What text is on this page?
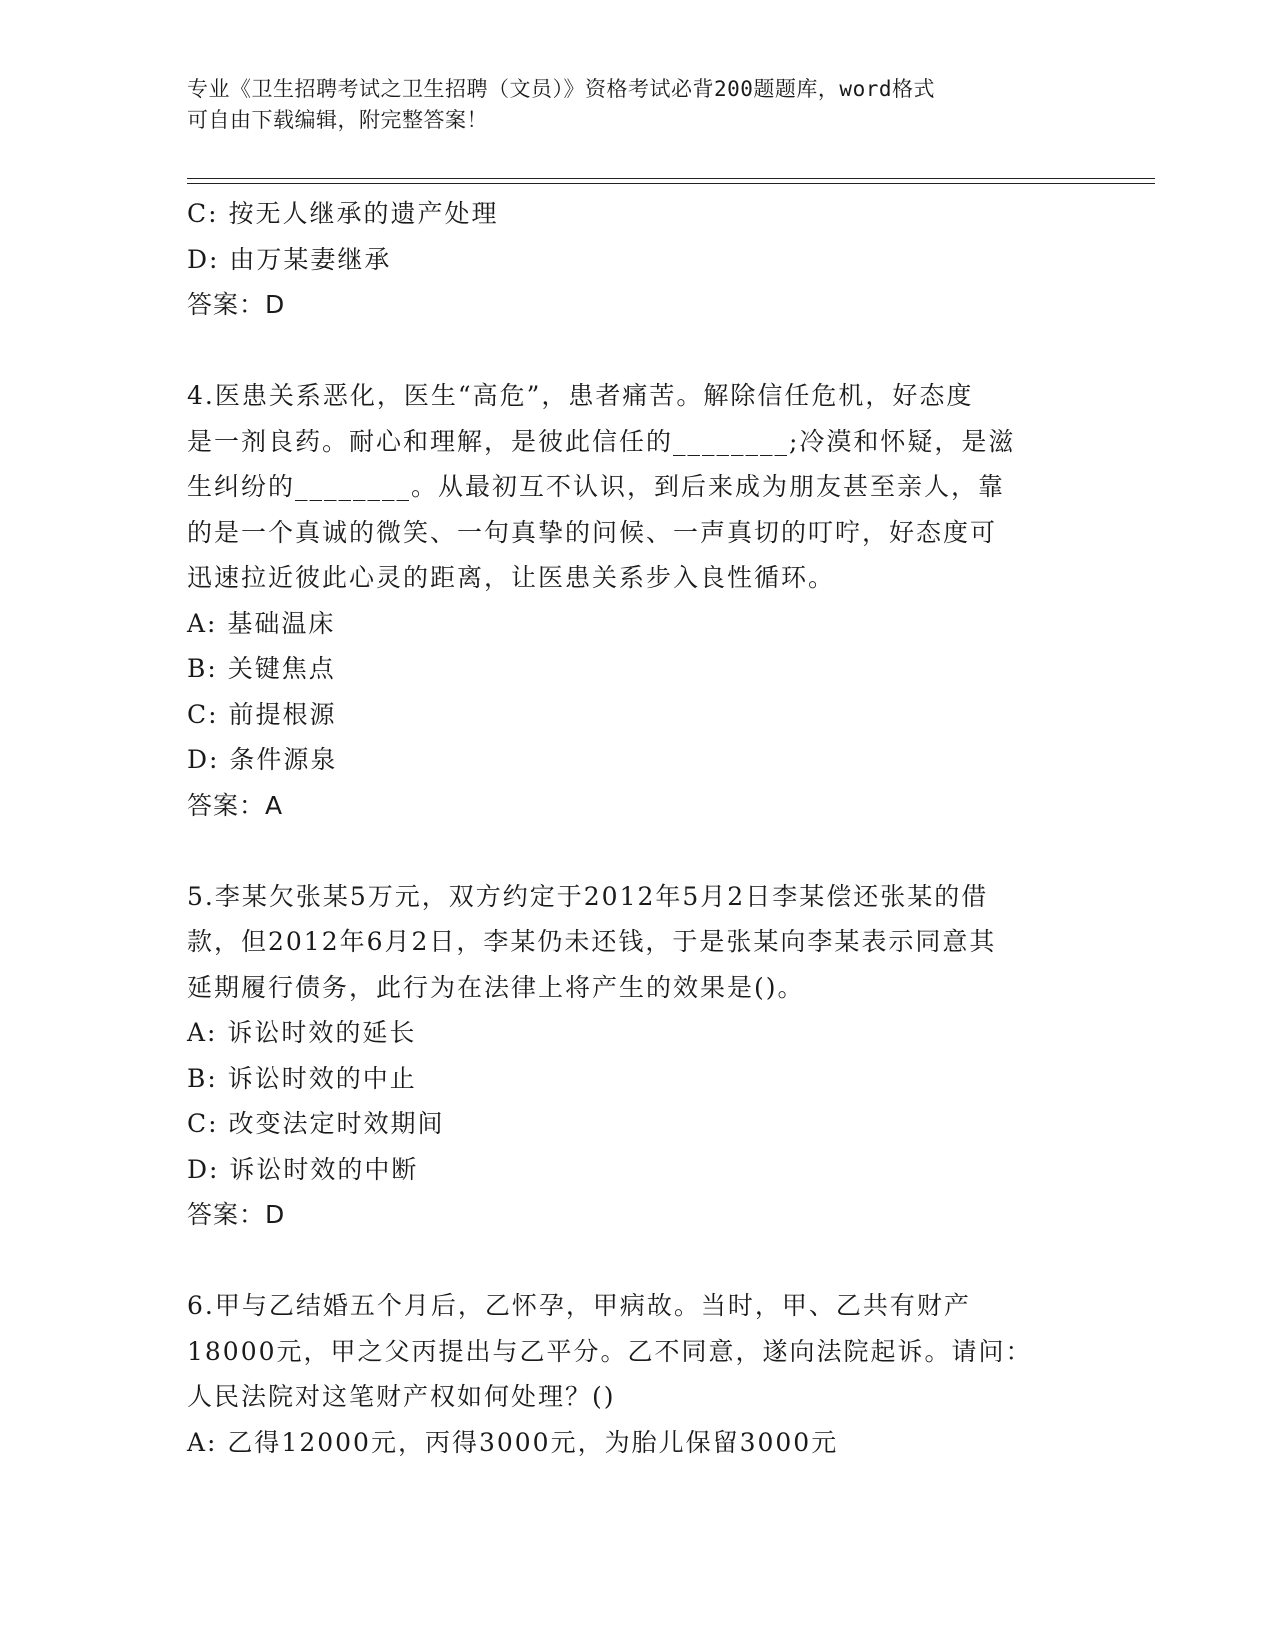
专业《卫生招聘考试之卫生招聘（文员）》资格考试必背200题题库，word格式
可自由下载编辑，附完整答案！
C: 按无人继承的遗产处理
D: 由万某妻继承
答案：D
4.医患关系恶化，医生“高危”，患者痛苦。解除信任危机，好态度
是一剂良药。耐心和理解，是彼此信任的________;冷漠和怀疑，是滋
生纠纷的________。从最初互不认识，到后来成为朋友甚至亲人，靠
的是一个真诚的微笑、一句真挚的问候、一声真切的叮咛，好态度可
迅速拉近彼此心灵的距离，让医患关系步入良性循环。
A: 基础温床
B: 关键焦点
C: 前提根源
D: 条件源泉
答案：A
5.李某欠张某5万元，双方约定于2012年5月2日李某偿还张某的借
款，但2012年6月2日，李某仍未还钱，于是张某向李某表示同意其
延期履行债务，此行为在法律上将产生的效果是()。
A: 诉讼时效的延长
B: 诉讼时效的中止
C: 改变法定时效期间
D: 诉讼时效的中断
答案：D
6.甲与乙结婚五个月后，乙怀孕，甲病故。当时，甲、乙共有财产
18000元，甲之父丙提出与乙平分。乙不同意，遂向法院起诉。请问：
人民法院对这笔财产权如何处理？()
A: 乙得12000元，丙得3000元，为胎儿保留3000元
